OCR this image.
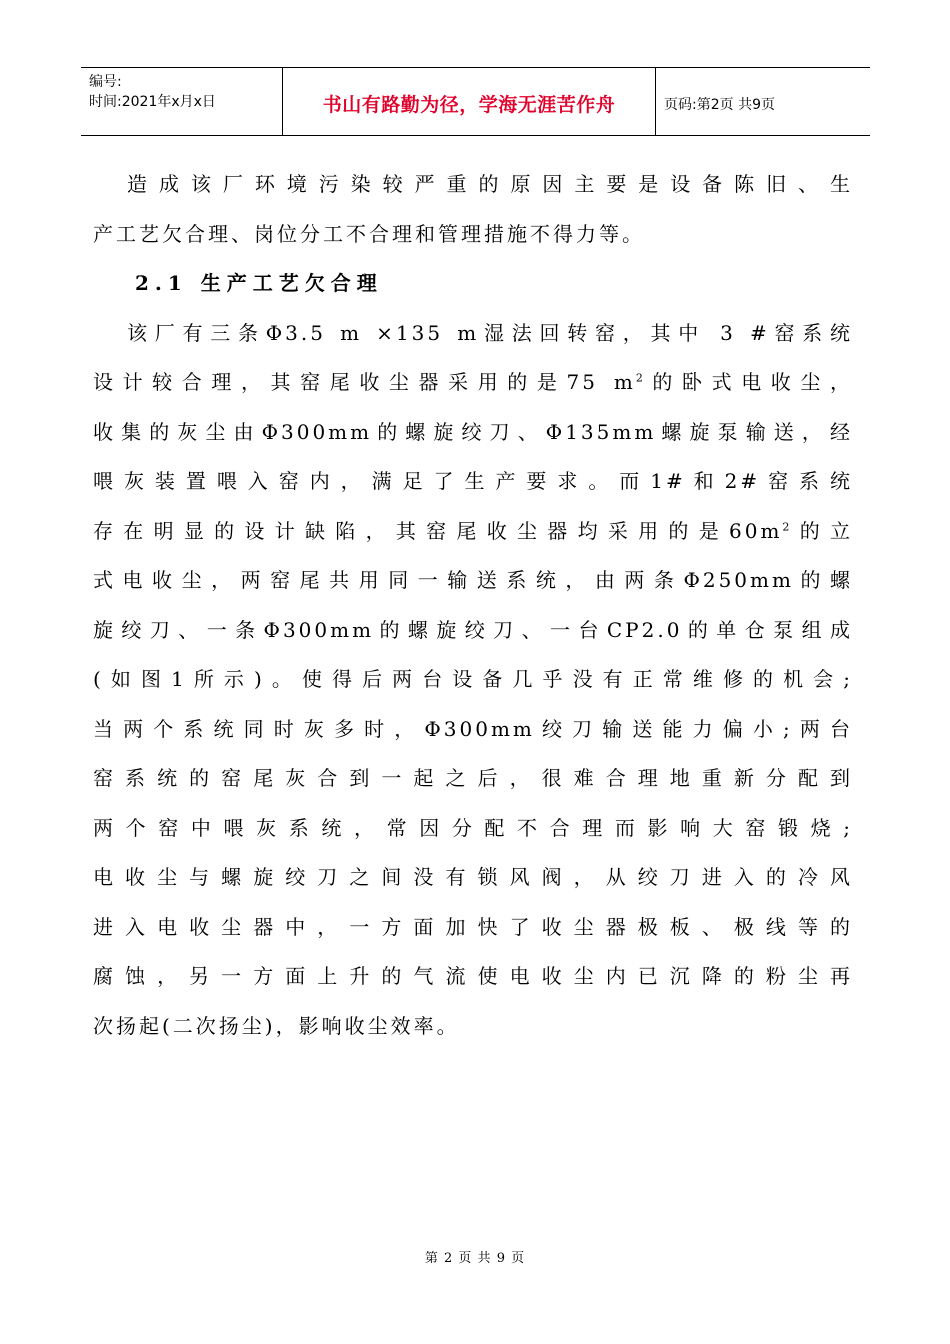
编号:
时间:2021年x月x日	书山有路勤为径，学海无涯苦作舟	页码:第2页 共9页
造成该厂环境污染较严重的原因主要是设备陈旧、生
产工艺欠合理、岗位分工不合理和管理措施不得力等。
2.1 生产工艺欠合理
该厂有三条Φ3.5 m ×135 m湿法回转窑，其中 3 #窑系统
设计较合理，其窑尾收尘器采用的是75 $m^2$的卧式电收尘，
收集的灰尘由Φ300mm的螺旋绞刀、Φ135mm螺旋泵输送，经
喂灰装置喂入窑内，满足了生产要求。而1#和2#窑系统
存在明显的设计缺陷，其窑尾收尘器均采用的是$60m^2$的立
式电收尘，两窑尾共用同一输送系统，由两条Φ250mm的螺
旋绞刀、一条Φ300mm的螺旋绞刀、一台CP2.0的单仓泵组成
(如图1所示)。使得后两台设备几乎没有正常维修的机会;
当两个系统同时灰多时，Φ300mm绞刀输送能力偏小;两台
窑系统的窑尾灰合到一起之后，很难合理地重新分配到
两个窑中喂灰系统，常因分配不合理而影响大窑锻烧;
电收尘与螺旋绞刀之间没有锁风阀，从绞刀进入的冷风
进入电收尘器中，一方面加快了收尘器极板、极线等的
腐蚀，另一方面上升的气流使电收尘内已沉降的粉尘再
次扬起(二次扬尘)，影响收尘效率。
第 2 页 共 9 页
